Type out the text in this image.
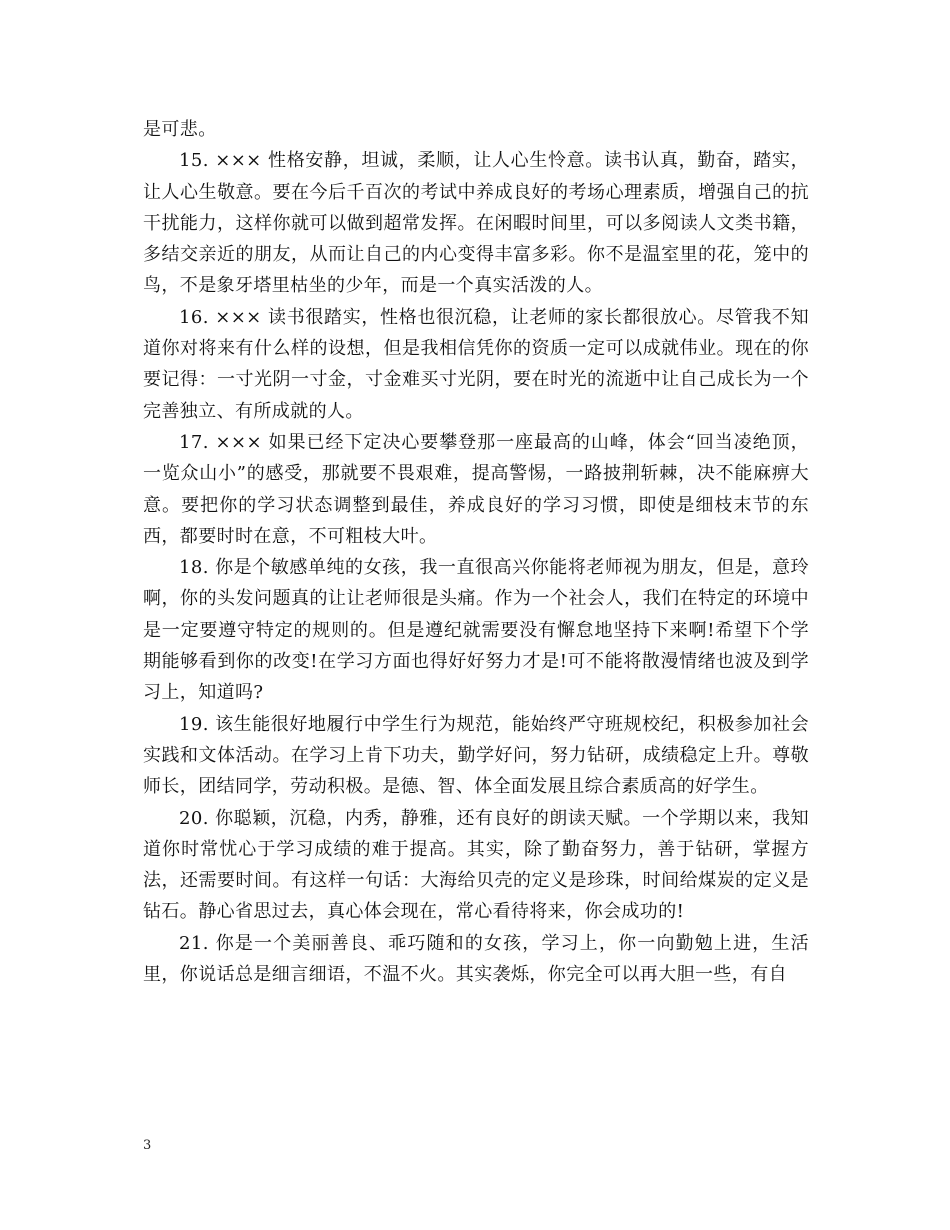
是可悲。

15. ××× 性格安静，坦诚，柔顺，让人心生怜意。读书认真，勤奋，踏实，让人心生敬意。要在今后千百次的考试中养成良好的考场心理素质，增强自己的抗干扰能力，这样你就可以做到超常发挥。在闲暇时间里，可以多阅读人文类书籍，多结交亲近的朋友，从而让自己的内心变得丰富多彩。你不是温室里的花，笼中的鸟，不是象牙塔里枯坐的少年，而是一个真实活泼的人。

16. ××× 读书很踏实，性格也很沉稳，让老师的家长都很放心。尽管我不知道你对将来有什么样的设想，但是我相信凭你的资质一定可以成就伟业。现在的你要记得：一寸光阴一寸金，寸金难买寸光阴，要在时光的流逝中让自己成长为一个完善独立、有所成就的人。

17. ××× 如果已经下定决心要攀登那一座最高的山峰，体会“回当凌绝顶，一览众山小”的感受，那就要不畏艰难，提高警惕，一路披荆斩棘，决不能麻痹大意。要把你的学习状态调整到最佳，养成良好的学习习惯，即使是细枝末节的东西，都要时时在意，不可粗枝大叶。

18. 你是个敏感单纯的女孩，我一直很高兴你能将老师视为朋友，但是，意玲啊，你的头发问题真的让让老师很是头痛。作为一个社会人，我们在特定的环境中是一定要遵守特定的规则的。但是遵纪就需要没有懈怠地坚持下来啊!希望下个学期能够看到你的改变!在学习方面也得好好努力才是!可不能将散漫情绪也波及到学习上，知道吗?

19. 该生能很好地履行中学生行为规范，能始终严守班规校纪，积极参加社会实践和文体活动。在学习上肯下功夫，勤学好问，努力钻研，成绩稳定上升。尊敬师长，团结同学，劳动积极。是德、智、体全面发展且综合素质高的好学生。

20. 你聪颖，沉稳，内秀，静雅，还有良好的朗读天赋。一个学期以来，我知道你时常忧心于学习成绩的难于提高。其实，除了勤奋努力，善于钻研，掌握方法，还需要时间。有这样一句话：大海给贝壳的定义是珍珠，时间给煤炭的定义是钻石。静心省思过去，真心体会现在，常心看待将来，你会成功的!

21. 你是一个美丽善良、乖巧随和的女孩，学习上，你一向勤勉上进，生活里，你说话总是细言细语，不温不火。其实袭烁，你完全可以再大胆一些，有自

3
